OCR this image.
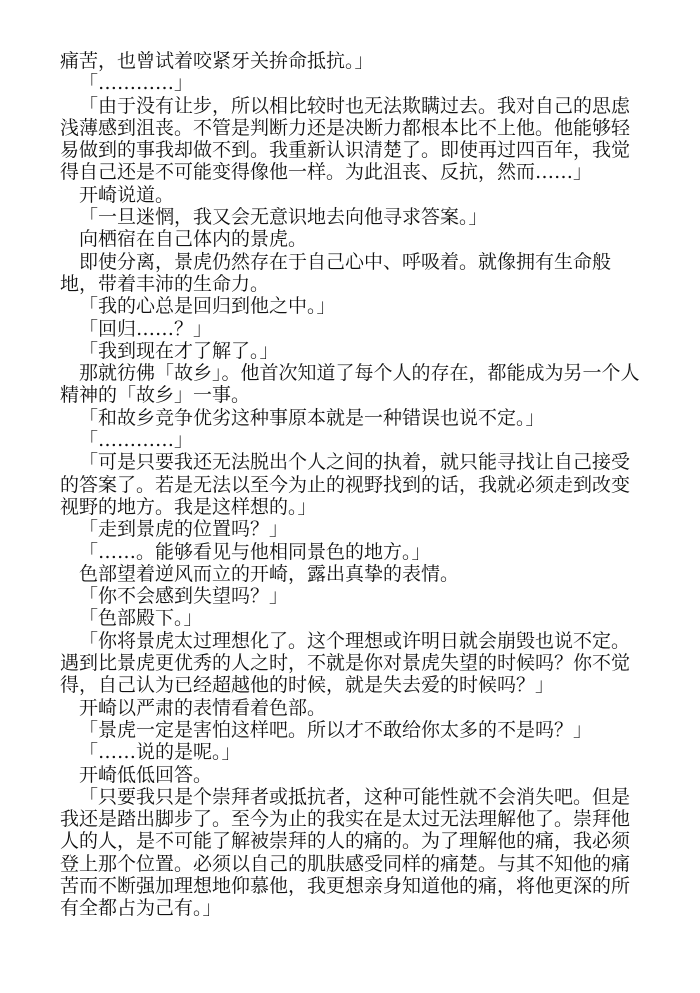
痛苦，也曾试着咬紧牙关拚命抵抗。」

「…………」

「由于没有让步，所以相比较时也无法欺瞒过去。我对自己的思虑浅薄感到沮丧。不管是判断力还是决断力都根本比不上他。他能够轻易做到的事我却做不到。我重新认识清楚了。即使再过四百年，我觉得自己还是不可能变得像他一样。为此沮丧、反抗，然而……」

开崎说道。

「一旦迷惘，我又会无意识地去向他寻求答案。」

向栖宿在自己体内的景虎。

即使分离，景虎仍然存在于自己心中、呼吸着。就像拥有生命般地，带着丰沛的生命力。

「我的心总是回归到他之中。」

「回归……？」

「我到现在才了解了。」

那就彷佛「故乡」。他首次知道了每个人的存在，都能成为另一个人精神的「故乡」一事。

「和故乡竞争优劣这种事原本就是一种错误也说不定。」

「…………」

「可是只要我还无法脱出个人之间的执着，就只能寻找让自己接受的答案了。若是无法以至今为止的视野找到的话，我就必须走到改变视野的地方。我是这样想的。」

「走到景虎的位置吗？」

「……。能够看见与他相同景色的地方。」

色部望着逆风而立的开崎，露出真挚的表情。

「你不会感到失望吗？」

「色部殿下。」

「你将景虎太过理想化了。这个理想或许明日就会崩毁也说不定。遇到比景虎更优秀的人之时，不就是你对景虎失望的时候吗？你不觉得，自己认为已经超越他的时候，就是失去爱的时候吗？」

开崎以严肃的表情看着色部。

「景虎一定是害怕这样吧。所以才不敢给你太多的不是吗？」

「……说的是呢。」

开崎低低回答。

「只要我只是个崇拜者或抵抗者，这种可能性就不会消失吧。但是我还是踏出脚步了。至今为止的我实在是太过无法理解他了。崇拜他人的人，是不可能了解被崇拜的人的痛的。为了理解他的痛，我必须登上那个位置。必须以自己的肌肤感受同样的痛楚。与其不知他的痛苦而不断强加理想地仰慕他，我更想亲身知道他的痛，将他更深的所有全都占为己有。」
